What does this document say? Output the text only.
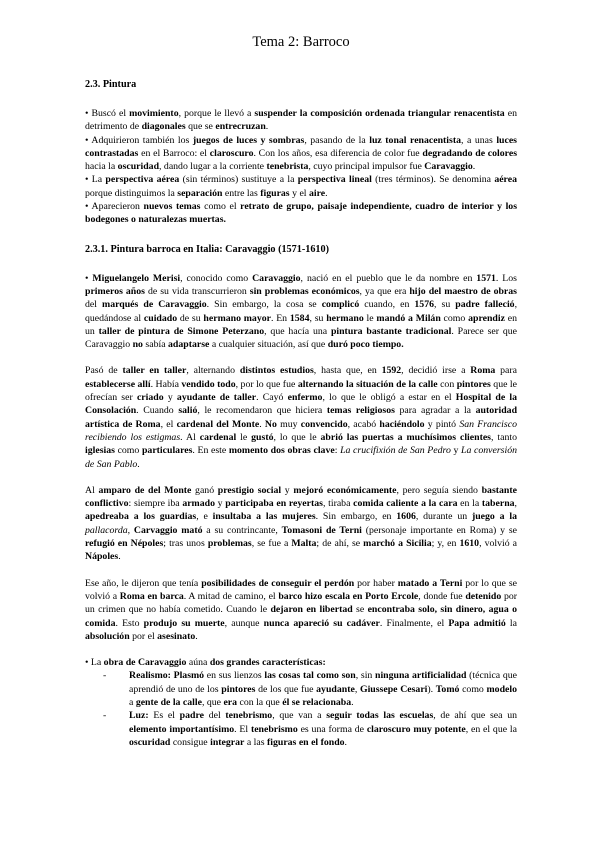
Tema 2: Barroco
2.3. Pintura

• Buscó el movimiento, porque le llevó a suspender la composición ordenada triangular renacentista en detrimento de diagonales que se entrecruzan.

• Adquirieron también los juegos de luces y sombras, pasando de la luz tonal renacentista, a unas luces contrastadas en el Barroco: el claroscuro. Con los años, esa diferencia de color fue degradando de colores hacia la oscuridad, dando lugar a la corriente tenebrista, cuyo principal impulsor fue Caravaggio.

• La perspectiva aérea (sin términos) sustituye a la perspectiva lineal (tres términos). Se denomina aérea porque distinguimos la separación entre las figuras y el aire.

• Aparecieron nuevos temas como el retrato de grupo, paisaje independiente, cuadro de interior y los bodegones o naturalezas muertas.

2.3.1. Pintura barroca en Italia: Caravaggio (1571-1610)

• Miguelangelo Merisi, conocido como Caravaggio, nació en el pueblo que le da nombre en 1571. Los primeros años de su vida transcurrieron sin problemas económicos, ya que era hijo del maestro de obras del marqués de Caravaggio. Sin embargo, la cosa se complicó cuando, en 1576, su padre falleció, quedándose al cuidado de su hermano mayor. En 1584, su hermano le mandó a Milán como aprendiz en un taller de pintura de Simone Peterzano, que hacía una pintura bastante tradicional. Parece ser que Caravaggio no sabía adaptarse a cualquier situación, así que duró poco tiempo.

Pasó de taller en taller, alternando distintos estudios, hasta que, en 1592, decidió irse a Roma para establecerse allí. Había vendido todo, por lo que fue alternando la situación de la calle con pintores que le ofrecían ser criado y ayudante de taller. Cayó enfermo, lo que le obligó a estar en el Hospital de la Consolación. Cuando salió, le recomendaron que hiciera temas religiosos para agradar a la autoridad artística de Roma, el cardenal del Monte. No muy convencido, acabó haciéndolo y pintó San Francisco recibiendo los estigmas. Al cardenal le gustó, lo que le abrió las puertas a muchísimos clientes, tanto iglesias como particulares. En este momento dos obras clave: La crucifixión de San Pedro y La conversión de San Pablo.

Al amparo de del Monte ganó prestigio social y mejoró económicamente, pero seguía siendo bastante conflictivo: siempre iba armado y participaba en reyertas, tiraba comida caliente a la cara en la taberna, apedreaba a los guardias, e insultaba a las mujeres. Sin embargo, en 1606, durante un juego a la pallacorda, Carvaggio mató a su contrincante, Tomasoni de Terni (personaje importante en Roma) y se refugió en Népoles; tras unos problemas, se fue a Malta; de ahí, se marchó a Sicilia; y, en 1610, volvió a Nápoles.

Ese año, le dijeron que tenía posibilidades de conseguir el perdón por haber matado a Terni por lo que se volvió a Roma en barca. A mitad de camino, el barco hizo escala en Porto Ercole, donde fue detenido por un crimen que no había cometido. Cuando le dejaron en libertad se encontraba solo, sin dinero, agua o comida. Esto produjo su muerte, aunque nunca apareció su cadáver. Finalmente, el Papa admitió la absolución por el asesinato.

• La obra de Caravaggio aúna dos grandes características:

- Realismo: Plasmó en sus lienzos las cosas tal como son, sin ninguna artificialidad (técnica que aprendió de uno de los pintores de los que fue ayudante, Giussepe Cesari). Tomó como modelo a gente de la calle, que era con la que él se relacionaba.
- Luz: Es el padre del tenebrismo, que van a seguir todas las escuelas, de ahí que sea un elemento importantísimo. El tenebrismo es una forma de claroscuro muy potente, en el que la oscuridad consigue integrar a las figuras en el fondo.
